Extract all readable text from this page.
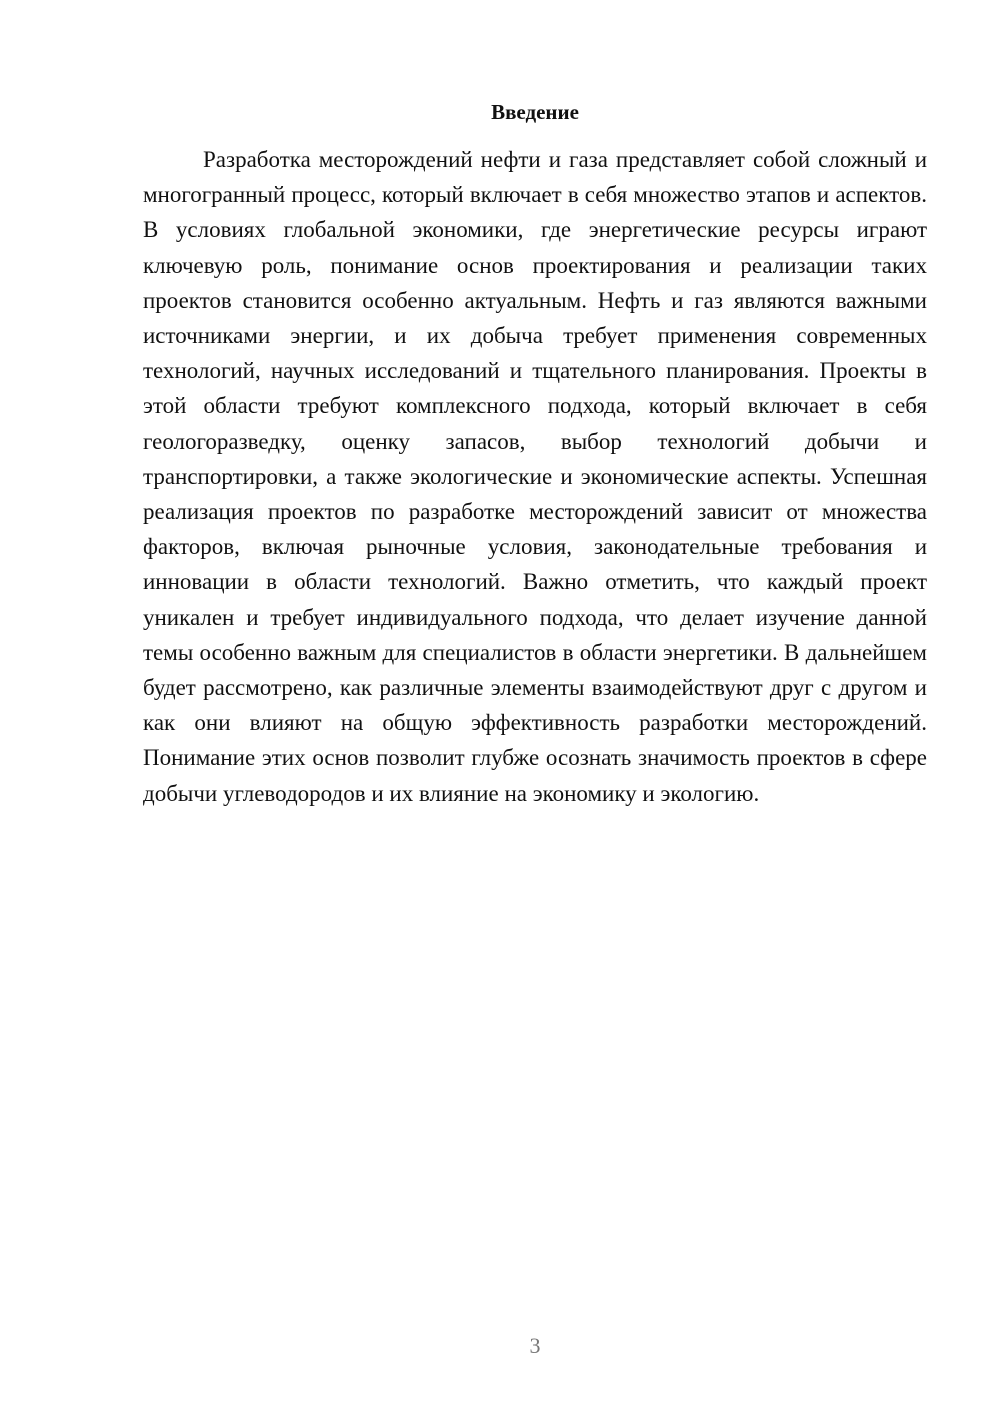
Введение

Разработка месторождений нефти и газа представляет собой сложный и многогранный процесс, который включает в себя множество этапов и аспектов. В условиях глобальной экономики, где энергетические ресурсы играют ключевую роль, понимание основ проектирования и реализации таких проектов становится особенно актуальным. Нефть и газ являются важными источниками энергии, и их добыча требует применения современных технологий, научных исследований и тщательного планирования. Проекты в этой области требуют комплексного подхода, который включает в себя геологоразведку, оценку запасов, выбор технологий добычи и транспортировки, а также экологические и экономические аспекты. Успешная реализация проектов по разработке месторождений зависит от множества факторов, включая рыночные условия, законодательные требования и инновации в области технологий. Важно отметить, что каждый проект уникален и требует индивидуального подхода, что делает изучение данной темы особенно важным для специалистов в области энергетики. В дальнейшем будет рассмотрено, как различные элементы взаимодействуют друг с другом и как они влияют на общую эффективность разработки месторождений. Понимание этих основ позволит глубже осознать значимость проектов в сфере добычи углеводородов и их влияние на экономику и экологию.

3
